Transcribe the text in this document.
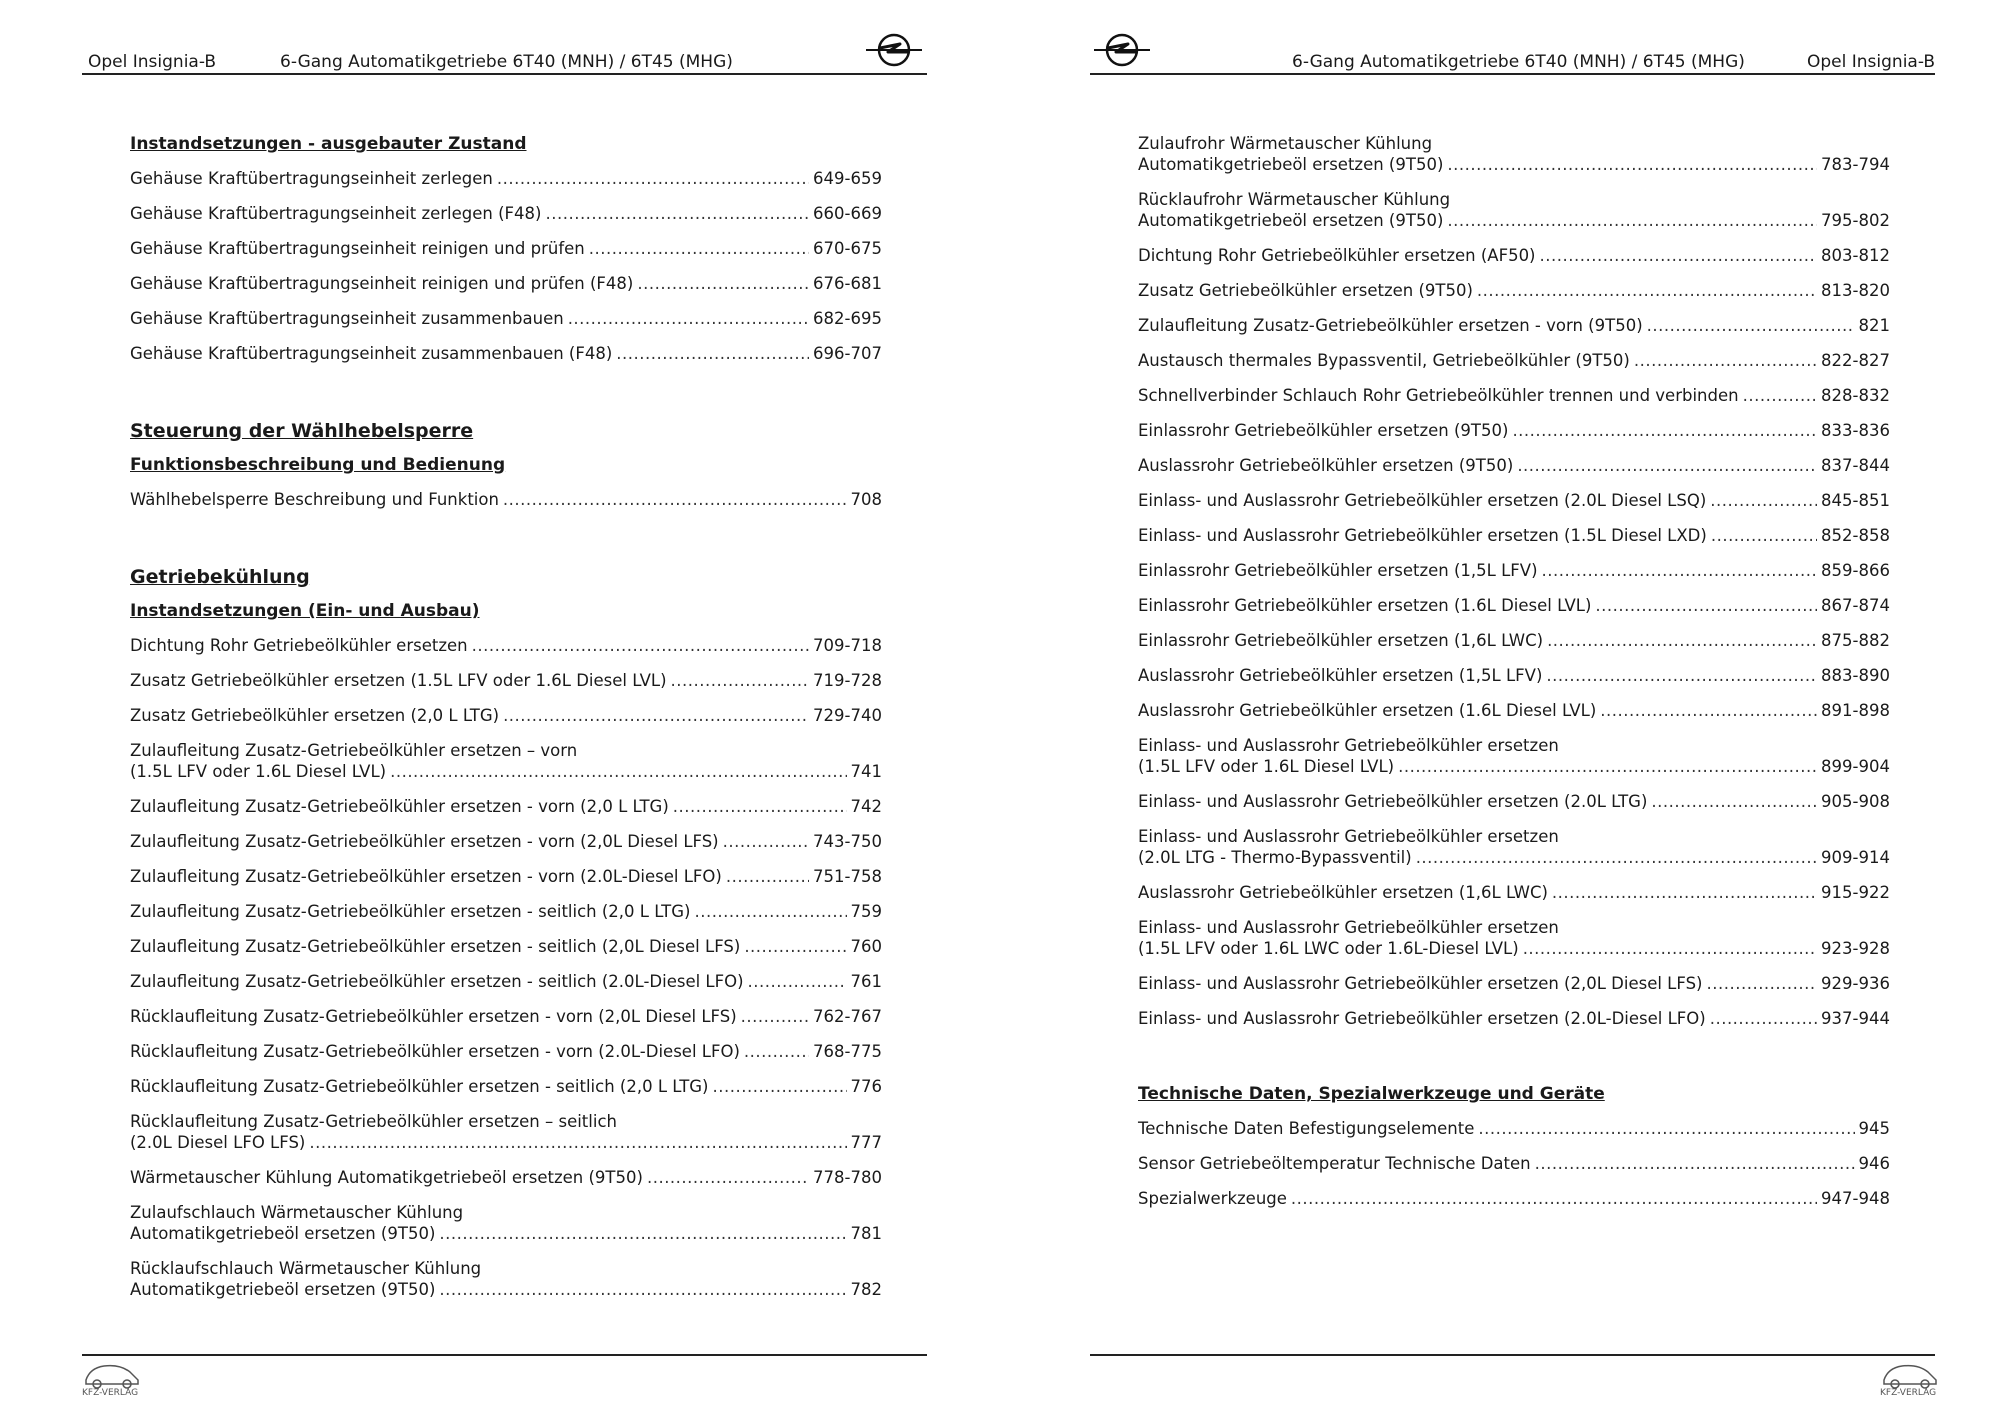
Opel Insignia-B	6-Gang Automatikgetriebe 6T40 (MNH) / 6T45 (MHG)
Instandsetzungen - ausgebauter Zustand
Gehäuse Kraftübertragungseinheit zerlegen .....	649-659
Gehäuse Kraftübertragungseinheit zerlegen (F48) .....	660-669
Gehäuse Kraftübertragungseinheit reinigen und prüfen .....	670-675
Gehäuse Kraftübertragungseinheit reinigen und prüfen (F48) .....	676-681
Gehäuse Kraftübertragungseinheit zusammenbauen .....	682-695
Gehäuse Kraftübertragungseinheit zusammenbauen (F48) .....	696-707
Steuerung der Wählhebelsperre
Funktionsbeschreibung und Bedienung
Wählhebelsperre Beschreibung und Funktion .....	708
Getriebekühlung
Instandsetzungen (Ein- und Ausbau)
Dichtung Rohr Getriebeölkühler ersetzen .....	709-718
Zusatz Getriebeölkühler ersetzen (1.5L LFV oder 1.6L Diesel LVL) .....	719-728
Zusatz Getriebeölkühler ersetzen (2,0 L LTG) .....	729-740
Zulaufleitung Zusatz-Getriebeölkühler ersetzen – vorn
(1.5L LFV oder 1.6L Diesel LVL) .....	741
Zulaufleitung Zusatz-Getriebeölkühler ersetzen - vorn (2,0 L LTG) .....	742
Zulaufleitung Zusatz-Getriebeölkühler ersetzen - vorn (2,0L Diesel LFS) .....	743-750
Zulaufleitung Zusatz-Getriebeölkühler ersetzen - vorn (2.0L-Diesel LFO) .....	751-758
Zulaufleitung Zusatz-Getriebeölkühler ersetzen - seitlich (2,0 L LTG) .....	759
Zulaufleitung Zusatz-Getriebeölkühler ersetzen - seitlich (2,0L Diesel LFS) .....	760
Zulaufleitung Zusatz-Getriebeölkühler ersetzen - seitlich (2.0L-Diesel LFO) .....	761
Rücklaufleitung Zusatz-Getriebeölkühler ersetzen - vorn (2,0L Diesel LFS) .....	762-767
Rücklaufleitung Zusatz-Getriebeölkühler ersetzen - vorn (2.0L-Diesel LFO) .....	768-775
Rücklaufleitung Zusatz-Getriebeölkühler ersetzen - seitlich (2,0 L LTG) .....	776
Rücklaufleitung Zusatz-Getriebeölkühler ersetzen – seitlich
(2.0L Diesel LFO LFS) .....	777
Wärmetauscher Kühlung Automatikgetriebeöl ersetzen (9T50) .....	778-780
Zulaufschlauch Wärmetauscher Kühlung
Automatikgetriebeöl ersetzen (9T50) .....	781
Rücklaufschlauch Wärmetauscher Kühlung
Automatikgetriebeöl ersetzen (9T50) .....	782
KFZ-VERLAG
6-Gang Automatikgetriebe 6T40 (MNH) / 6T45 (MHG)	Opel Insignia-B
Zulaufrohr Wärmetauscher Kühlung
Automatikgetriebeöl ersetzen (9T50) .....	783-794
Rücklaufrohr Wärmetauscher Kühlung
Automatikgetriebeöl ersetzen (9T50) .....	795-802
Dichtung Rohr Getriebeölkühler ersetzen (AF50) .....	803-812
Zusatz Getriebeölkühler ersetzen (9T50) .....	813-820
Zulaufleitung Zusatz-Getriebeölkühler ersetzen - vorn (9T50) .....	821
Austausch thermales Bypassventil, Getriebeölkühler (9T50) .....	822-827
Schnellverbinder Schlauch Rohr Getriebeölkühler trennen und verbinden .....	828-832
Einlassrohr Getriebeölkühler ersetzen (9T50) .....	833-836
Auslassrohr Getriebeölkühler ersetzen (9T50) .....	837-844
Einlass- und Auslassrohr Getriebeölkühler ersetzen (2.0L Diesel LSQ) .....	845-851
Einlass- und Auslassrohr Getriebeölkühler ersetzen (1.5L Diesel LXD) .....	852-858
Einlassrohr Getriebeölkühler ersetzen (1,5L LFV) .....	859-866
Einlassrohr Getriebeölkühler ersetzen (1.6L Diesel LVL) .....	867-874
Einlassrohr Getriebeölkühler ersetzen (1,6L LWC) .....	875-882
Auslassrohr Getriebeölkühler ersetzen (1,5L LFV) .....	883-890
Auslassrohr Getriebeölkühler ersetzen (1.6L Diesel LVL) .....	891-898
Einlass- und Auslassrohr Getriebeölkühler ersetzen
(1.5L LFV oder 1.6L Diesel LVL) .....	899-904
Einlass- und Auslassrohr Getriebeölkühler ersetzen (2.0L LTG) .....	905-908
Einlass- und Auslassrohr Getriebeölkühler ersetzen
(2.0L LTG - Thermo-Bypassventil) .....	909-914
Auslassrohr Getriebeölkühler ersetzen (1,6L LWC) .....	915-922
Einlass- und Auslassrohr Getriebeölkühler ersetzen
(1.5L LFV oder 1.6L LWC oder 1.6L-Diesel LVL) .....	923-928
Einlass- und Auslassrohr Getriebeölkühler ersetzen (2,0L Diesel LFS) .....	929-936
Einlass- und Auslassrohr Getriebeölkühler ersetzen (2.0L-Diesel LFO) .....	937-944
Technische Daten, Spezialwerkzeuge und Geräte
Technische Daten Befestigungselemente .....	945
Sensor Getriebeöltemperatur Technische Daten .....	946
Spezialwerkzeuge .....	947-948
KFZ-VERLAG
